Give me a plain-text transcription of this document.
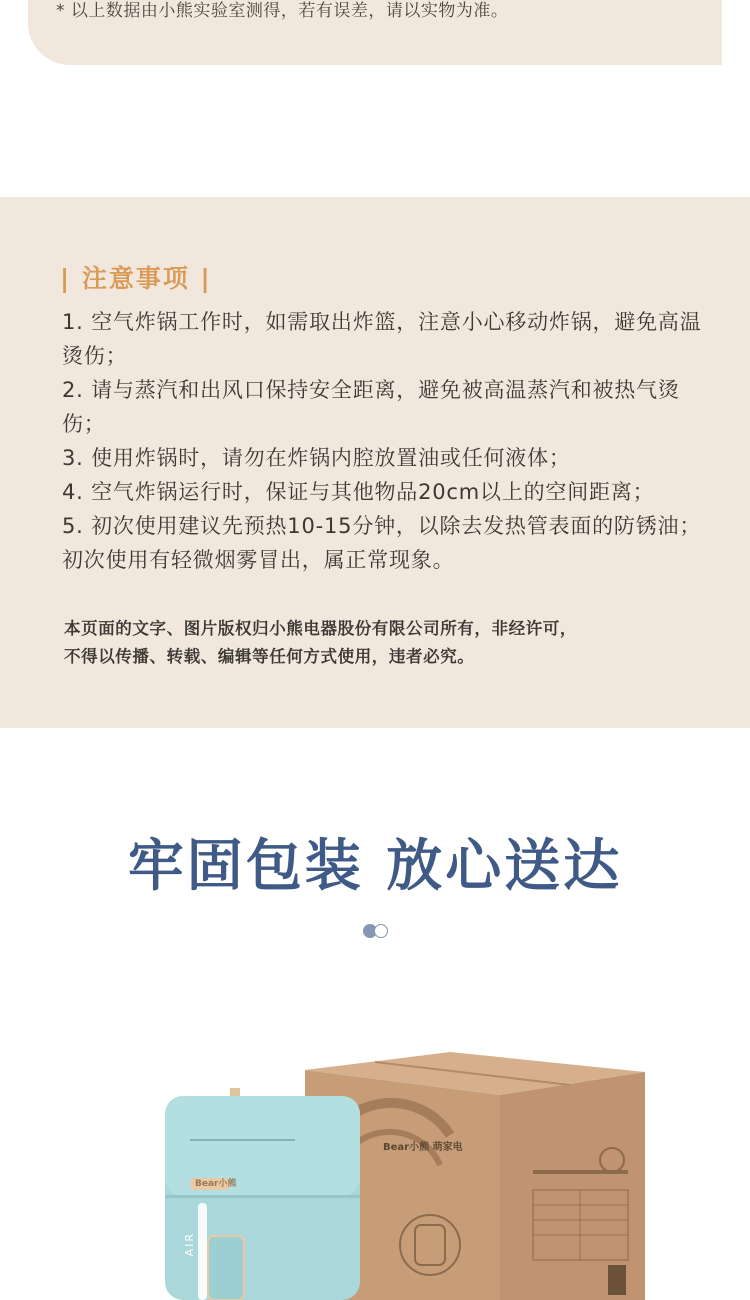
* 以上数据由小熊实验室测得，若有误差，请以实物为准。
| 注意事项 |
1. 空气炸锅工作时，如需取出炸篮，注意小心移动炸锅，避免高温烫伤；
2. 请与蒸汽和出风口保持安全距离，避免被高温蒸汽和被热气烫伤；
3. 使用炸锅时，请勿在炸锅内腔放置油或任何液体；
4. 空气炸锅运行时，保证与其他物品20cm以上的空间距离；
5. 初次使用建议先预热10-15分钟，以除去发热管表面的防锈油；初次使用有轻微烟雾冒出，属正常现象。
本页面的文字、图片版权归小熊电器股份有限公司所有，非经许可，
不得以传播、转载、编辑等任何方式使用，违者必究。
牢固包装 放心送达
Bear小熊 萌家电
Bear小熊
AIR
